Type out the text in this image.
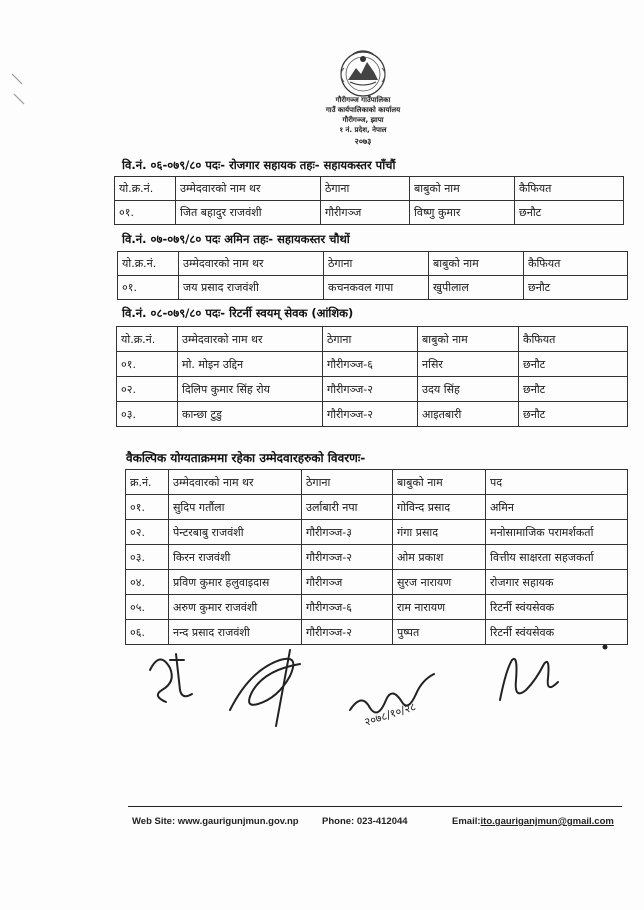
गौरीगञ्ज गाउँपालिका
गाउँ कार्यपालिकाको कार्यालय
गौरीगञ्ज, झापा
१ नं. प्रदेश, नेपाल
२०७३
वि.नं. ०६-०७९/८० पदः- रोजगार सहायक तहः- सहायकस्तर पाँचौं
यो.क्र.नं.	उम्मेदवारको नाम थर	ठेगाना	बाबुको नाम	कैफियत
०१.	जित बहादुर राजवंशी	गौरीगञ्ज	विष्णु कुमार	छनौट
वि.नं. ०७-०७९/८० पदः अमिन तहः- सहायकस्तर चौथों
यो.क्र.नं.	उम्मेदवारको नाम थर	ठेगाना	बाबुको नाम	कैफियत
०१.	जय प्रसाद राजवंशी	कचनकवल गापा	खुपीलाल	छनौट
वि.नं. ०८-०७९/८० पदः- रिटर्नी स्वयम् सेवक (आंशिक)
यो.क्र.नं.	उम्मेदवारको नाम थर	ठेगाना	बाबुको नाम	कैफियत
०१.	मो. मोइन उद्दिन	गौरीगञ्ज-६	नसिर	छनौट
०२.	दिलिप कुमार सिंह रोय	गौरीगञ्ज-२	उदय सिंह	छनौट
०३.	कान्छा टुडु	गौरीगञ्ज-२	आइतबारी	छनौट
वैकल्पिक योग्यताक्रममा रहेका उम्मेदवारहरुको विवरणः-
क्र.नं.	उम्मेदवारको नाम थर	ठेगाना	बाबुको नाम	पद
०१.	सुदिप गर्तौला	उर्लाबारी नपा	गोविन्द प्रसाद	अमिन
०२.	पेन्टरबाबु राजवंशी	गौरीगञ्ज-३	गंगा प्रसाद	मनोसामाजिक परामर्शकर्ता
०३.	किरन राजवंशी	गौरीगञ्ज-२	ओम प्रकाश	वित्तीय साक्षरता सहजकर्ता
०४.	प्रविण कुमार हलुवाइदास	गौरीगञ्ज	सुरज नारायण	रोजगार सहायक
०५.	अरुण कुमार राजवंशी	गौरीगञ्ज-६	राम नारायण	रिटर्नी स्वंयसेवक
०६.	नन्द प्रसाद राजवंशी	गौरीगञ्ज-२	पुष्पत	रिटर्नी स्वंयसेवक
२०७८/१०/२८
Web Site: www.gaurigunjmun.gov.np Phone: 023-412044	Email:ito.gauriganjmun@gmail.com
